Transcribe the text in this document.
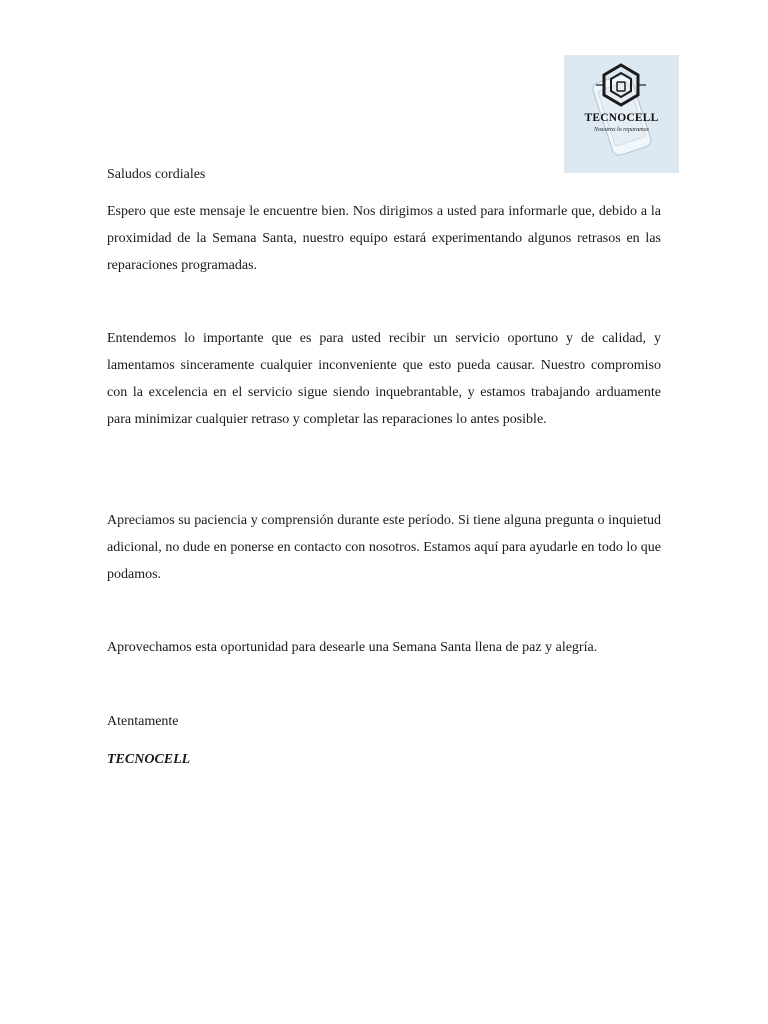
TECNOCELL
Nosotros lo reparamos

Saludos cordiales

Espero que este mensaje le encuentre bien. Nos dirigimos a usted para informarle que, debido a la proximidad de la Semana Santa, nuestro equipo estará experimentando algunos retrasos en las reparaciones programadas.

Entendemos lo importante que es para usted recibir un servicio oportuno y de calidad, y lamentamos sinceramente cualquier inconveniente que esto pueda causar. Nuestro compromiso con la excelencia en el servicio sigue siendo inquebrantable, y estamos trabajando arduamente para minimizar cualquier retraso y completar las reparaciones lo antes posible.

Apreciamos su paciencia y comprensión durante este período. Si tiene alguna pregunta o inquietud adicional, no dude en ponerse en contacto con nosotros. Estamos aquí para ayudarle en todo lo que podamos.

Aprovechamos esta oportunidad para desearle una Semana Santa llena de paz y alegría.

Atentamente

TECNOCELL
